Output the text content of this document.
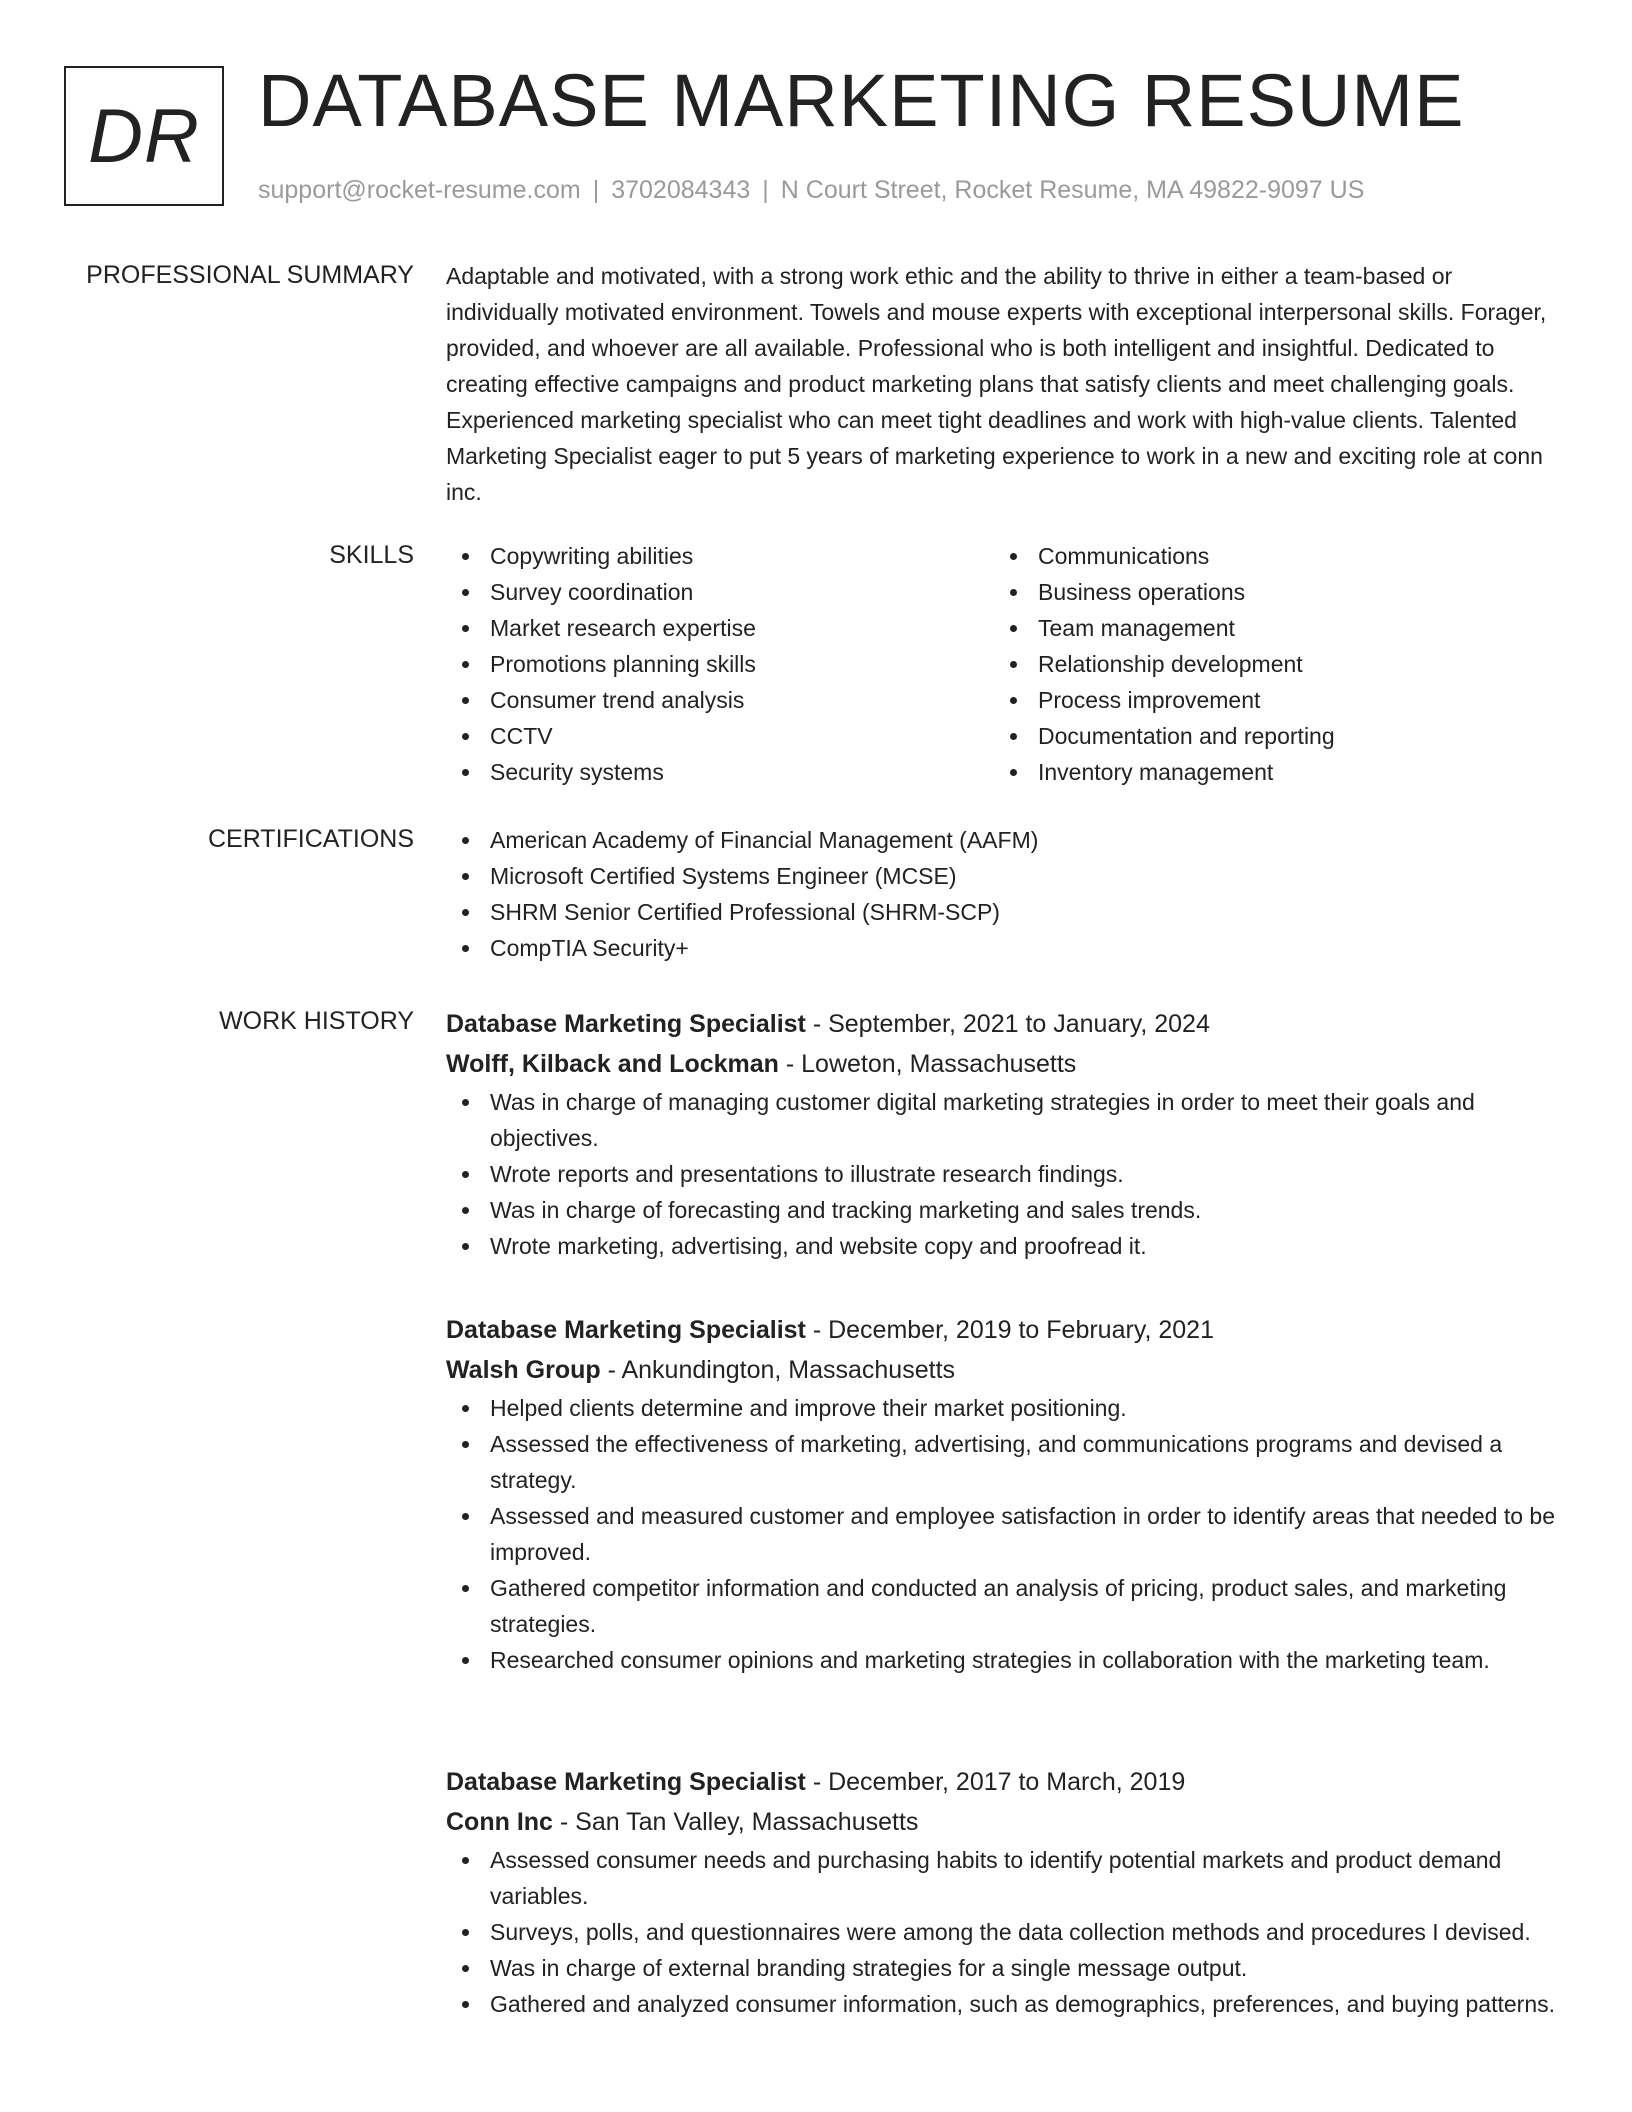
DR DATABASE MARKETING RESUME
support@rocket-resume.com | 3702084343 | N Court Street, Rocket Resume, MA 49822-9097 US
PROFESSIONAL SUMMARY Adaptable and motivated, with a strong work ethic and the ability to thrive in either a team-based or individually motivated environment. Towels and mouse experts with exceptional interpersonal skills. Forager, provided, and whoever are all available. Professional who is both intelligent and insightful. Dedicated to creating effective campaigns and product marketing plans that satisfy clients and meet challenging goals. Experienced marketing specialist who can meet tight deadlines and work with high-value clients. Talented Marketing Specialist eager to put 5 years of marketing experience to work in a new and exciting role at conn inc.

SKILLS	Copywriting abilities
Survey coordination
Market research expertise
Promotions planning skills
Consumer trend analysis
CCTV
Security systems
Communications
Business operations
Team management
Relationship development
Process improvement
Documentation and reporting
Inventory management
CERTIFICATIONS	American Academy of Financial Management (AAFM)
Microsoft Certified Systems Engineer (MCSE)
SHRM Senior Certified Professional (SHRM-SCP)
CompTIA Security+
WORK HISTORY Database Marketing Specialist - September, 2021 to January, 2024
Wolff, Kilback and Lockman - Loweton, Massachusetts
Was in charge of managing customer digital marketing strategies in order to meet their goals and objectives.
Wrote reports and presentations to illustrate research findings.
Was in charge of forecasting and tracking marketing and sales trends.
Wrote marketing, advertising, and website copy and proofread it.
Database Marketing Specialist - December, 2019 to February, 2021
Walsh Group - Ankundington, Massachusetts
Helped clients determine and improve their market positioning.
Assessed the effectiveness of marketing, advertising, and communications programs and devised a strategy.
Assessed and measured customer and employee satisfaction in order to identify areas that needed to be improved.
Gathered competitor information and conducted an analysis of pricing, product sales, and marketing strategies.
Researched consumer opinions and marketing strategies in collaboration with the marketing team.
Database Marketing Specialist - December, 2017 to March, 2019
Conn Inc - San Tan Valley, Massachusetts
Assessed consumer needs and purchasing habits to identify potential markets and product demand variables.
Surveys, polls, and questionnaires were among the data collection methods and procedures I devised.
Was in charge of external branding strategies for a single message output.
Gathered and analyzed consumer information, such as demographics, preferences, and buying patterns.
